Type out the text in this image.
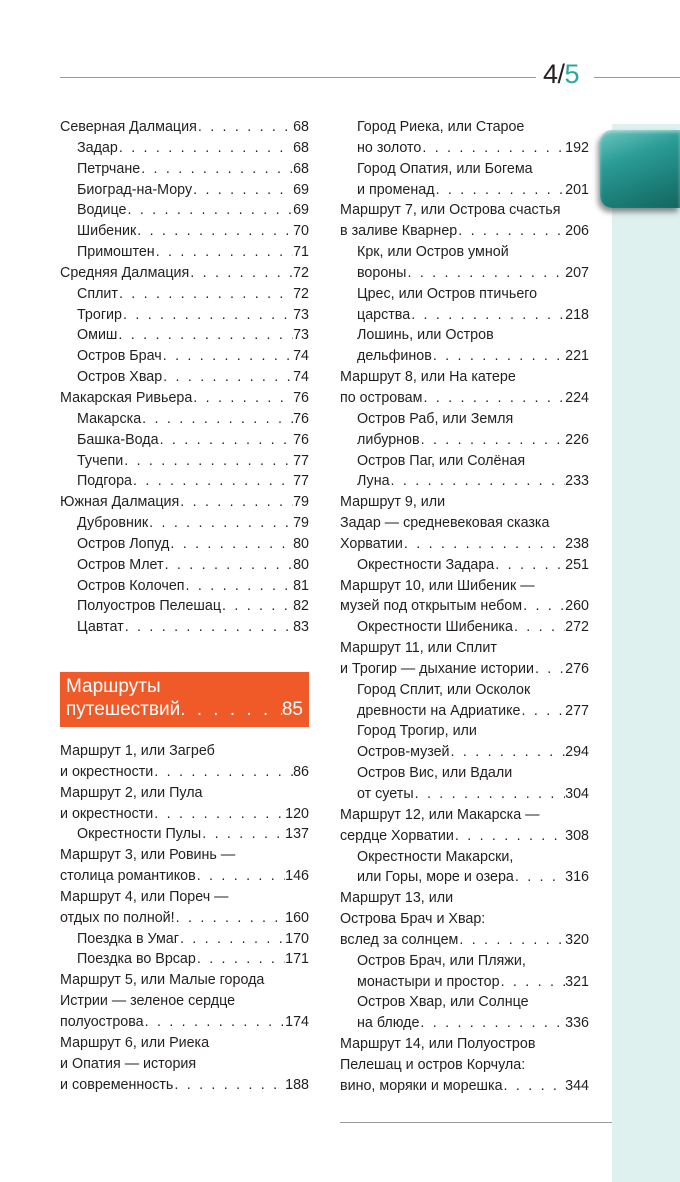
4/5
Северная Далмация . . .	68
Задар . . .	68
Петрчане . . .	68
Биоград-на-Мору . . .	69
Водице . . .	69
Шибеник . . .	70
Примоштен . . .	71
Средняя Далмация . . .	72
Сплит . . .	72
Трогир . . .	73
Омиш . . .	73
Остров Брач . . .	74
Остров Хвар . . .	74
Макарская Ривьера . . .	76
Макарска . . .	76
Башка-Вода . . .	76
Тучепи . . .	77
Подгора . . .	77
Южная Далмация . . .	79
Дубровник . . .	79
Остров Лопуд . . .	80
Остров Млет . . .	80
Остров Колочеп . . .	81
Полуостров Пелешац . . .	82
Цавтат . . .	83
Маршруты
путешествий . . .	85
Маршрут 1, или Загреб
и окрестности . . .	86
Маршрут 2, или Пула
и окрестности . . .	120
Окрестности Пулы . . .	137
Маршрут 3, или Ровинь —
столица романтиков . . .	146
Маршрут 4, или Пореч —
отдых по полной! . . .	160
Поездка в Умаг . . .	170
Поездка во Врсар . . .	171
Маршрут 5, или Малые города
Истрии — зеленое сердце
полуострова . . .	174
Маршрут 6, или Риека
и Опатия — история
и современность . . .	188
Город Риека, или Старое
но золото . . .	192
Город Опатия, или Богема
и променад . . .	201
Маршрут 7, или Острова счастья
в заливе Кварнер . . .	206
Крк, или Остров умной
вороны . . .	207
Црес, или Остров птичьего
царства . . .	218
Лошинь, или Остров
дельфинов . . .	221
Маршрут 8, или На катере
по островам . . .	224
Остров Раб, или Земля
либурнов . . .	226
Остров Паг, или Солёная
Луна . . .	233
Маршрут 9, или
Задар — средневековая сказка
Хорватии . . .	238
Окрестности Задара . . .	251
Маршрут 10, или Шибеник —
музей под открытым небом . . .	260
Окрестности Шибеника . . .	272
Маршрут 11, или Сплит
и Трогир — дыхание истории . . . 276
Город Сплит, или Осколок
древности на Адриатике . . .	277
Город Трогир, или
Остров-музей . . .	294
Остров Вис, или Вдали
от суеты . . .	304
Маршрут 12, или Макарска —
сердце Хорватии . . .	308
Окрестности Макарски,
или Горы, море и озера . . .	316
Маршрут 13, или
Острова Брач и Хвар:
вслед за солнцем . . .	320
Остров Брач, или Пляжи,
монастыри и простор . . .	321
Остров Хвар, или Солнце
на блюде . . .	336
Маршрут 14, или Полуостров
Пелешац и остров Корчула:
вино, моряки и морешка . . .	344
